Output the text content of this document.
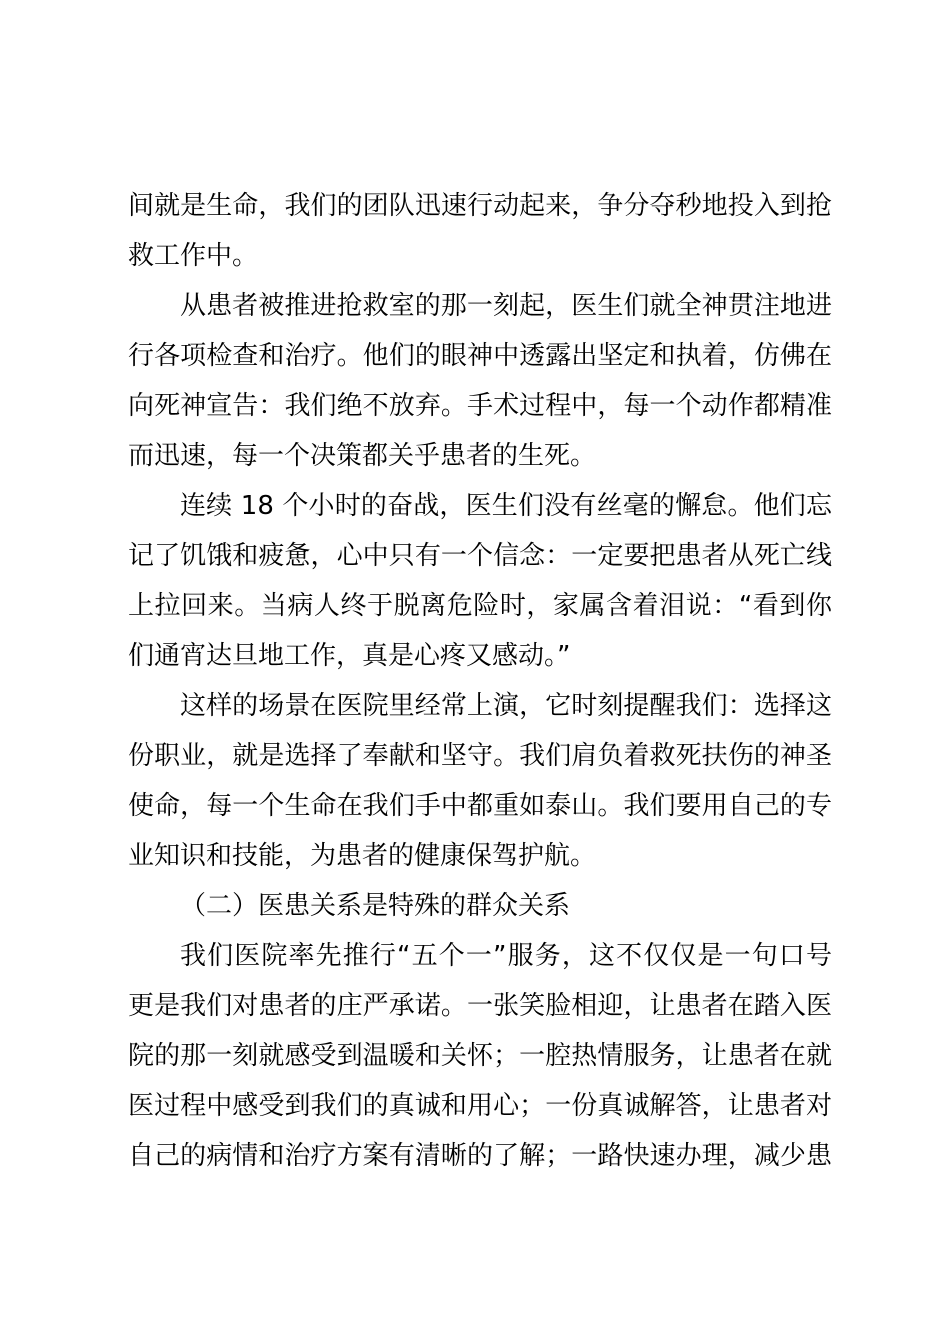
间就是生命，我们的团队迅速行动起来，争分夺秒地投入到抢
救工作中。
从患者被推进抢救室的那一刻起，医生们就全神贯注地进
行各项检查和治疗。他们的眼神中透露出坚定和执着，仿佛在
向死神宣告：我们绝不放弃。手术过程中，每一个动作都精准
而迅速，每一个决策都关乎患者的生死。
连续 18 个小时的奋战，医生们没有丝毫的懈怠。他们忘
记了饥饿和疲惫，心中只有一个信念：一定要把患者从死亡线
上拉回来。当病人终于脱离危险时，家属含着泪说：“看到你
们通宵达旦地工作，真是心疼又感动。”
这样的场景在医院里经常上演，它时刻提醒我们：选择这
份职业，就是选择了奉献和坚守。我们肩负着救死扶伤的神圣
使命，每一个生命在我们手中都重如泰山。我们要用自己的专
业知识和技能，为患者的健康保驾护航。
（二）医患关系是特殊的群众关系
我们医院率先推行“五个一”服务，这不仅仅是一句口号
更是我们对患者的庄严承诺。一张笑脸相迎，让患者在踏入医
院的那一刻就感受到温暖和关怀；一腔热情服务，让患者在就
医过程中感受到我们的真诚和用心；一份真诚解答，让患者对
自己的病情和治疗方案有清晰的了解；一路快速办理，减少患
